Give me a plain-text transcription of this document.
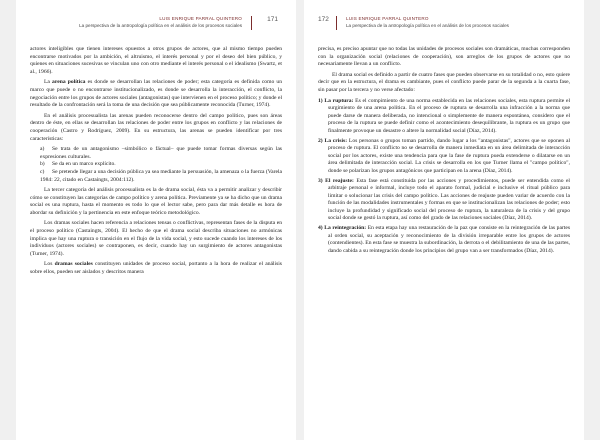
LUIS ENRIQUE PARRAL QUINTERO
La perspectiva de la antropología política en el análisis de los procesos sociales
171

actores inteligibles que tienen intereses opuestos a otros grupos de actores, que al mismo tiempo pueden encontrarse motivados por la ambición, el altruismo, el interés personal y por el deseo del bien público, y quienes en situaciones sucesivas se vinculan uno con otro mediante el interés personal o el idealismo (Swartz, et al., 1966).

La arena política es donde se desarrollan las relaciones de poder; esta categoría es definida como un marco que puede o no encontrarse institucionalizado, es donde se desarrolla la interacción, el conflicto, la negociación entre los grupos de actores sociales (antagonistas) que intervienen en el proceso político; y donde el resultado de la confrontación será la toma de una decisión que sea públicamente reconocida (Turner, 1974).

En el análisis procesualista las arenas pueden reconocerse dentro del campo político, pues son áreas dentro de éste, en ellas se desarrollan las relaciones de poder entre los grupos en conflicto y las relaciones de cooperación (Castro y Rodríguez, 2009). En su estructura, las arenas se pueden identificar por tres características:

a) Se trata de un antagonismo –simbólico o fáctual– que puede tomar formas diversas según las expresiones culturales.
b) Se da en un marco explícito.
c) Se pretende llegar a una decisión pública ya sea mediante la persuasión, la amenaza o la fuerza (Varela 1984: 22, citado en Castaingts, 2004:112).

La tercer categoría del análisis procesualista es la de drama social, ésta va a permitir analizar y describir cómo se constituyen las categorías de campo político y arena política. Previamente ya se ha dicho que un drama social es una ruptura, hasta el momento es todo lo que el lector sabe, pero para dar más detalle es hora de abordar su definición y la pertinencia en este enfoque teórico metodológico.

Los dramas sociales hacen referencia a relaciones tensas o conflictivas, representan fases de la disputa en el proceso político (Castaingts, 2004). El hecho de que el drama social describa situaciones no armónicas implica que hay una ruptura o transición en el flujo de la vida social, y esto sucede cuando los intereses de los individuos (actores sociales) se contraponen, es decir, cuando hay un surgimiento de actores antagonistas (Turner, 1974).

Los dramas sociales constituyen unidades de proceso social, portanto a la hora de realizar el análisis sobre ellos, pueden ser aislados y descritos manera

172	LUIS ENRIQUE PARRAL QUINTERO
La perspectiva de la antropología política en el análisis de los procesos sociales

precisa, es preciso apuntar que no todas las unidades de procesos sociales son dramáticas, muchas corresponden con la organización social (relaciones de cooperación), son arreglos de los grupos de actores que no necesariamente llevan a un conflicto.

El drama social es definido a partir de cuatro fases que pueden observarse en su totalidad o no, esto quiere decir que en la estructura, el drama es cambiante, pues el conflicto puede parar de la segunda a la cuarta fase, sin pasar por la tercera y no verse afectado:

1) La ruptura: Es el compimiento de una norma establecida en las relaciones sociales, esta ruptura permite el surgimiento de una arena política. En el proceso de ruptura se desarrolla una infracción a la norma que puede darse de manera deliberada, no intencional o simplemente de manera espontánea, considero que el proceso de la ruptura se puede definir como el acontecimiento desequilibrante, la ruptura es un grupo que finalmente provoque un desastre o altere la normalidad social (Díaz, 2014).
2) La crisis: Los personas o grupos toman partido, dando lugar a los "antagonistas", actores que se oponen al proceso de ruptura. El conflicto no se desarrolla de manera inmediata en un área delimitada de interacción social por los actores, existe una tendencia para que la fase de ruptura pueda extenderse o dilatarse en un área delimitada de interacción social. La crisis se desarrolla en los que Turner llama el "campo político", donde se polarizan los grupos antagónicos que participan en la arena (Díaz, 2014).
3) El reajuste: Esta fase está constituida por las acciones y procedimientos, puede ser entendida como el arbitraje personal e informal, incluye todo el aparato formal, judicial e inclusive el ritual público para limitar o solucionar las crisis del campo político. Las acciones de reajuste pueden variar de acuerdo con la función de las modalidades instrumentales y formas en que se institucionalizan las relaciones de poder; esto incluye la profundidad y significado social del proceso de ruptura, la naturaleza de la crisis y del grupo social donde se gestó la ruptura, así como del grado de las relaciones sociales (Díaz, 2014).
4) La reintegración: En esta etapa hay una restauración de la paz que consiste en la reintegración de las partes al orden social, su aceptación y reconocimiento de la división irreparable entre los grupos de actores (contendientes). En esta fase se muestra la subordinación, la derrota o el debilitamiento de una de las partes, dando cabida a su reintegración donde los principios del grupo van a ser transformados (Díaz, 2014).
